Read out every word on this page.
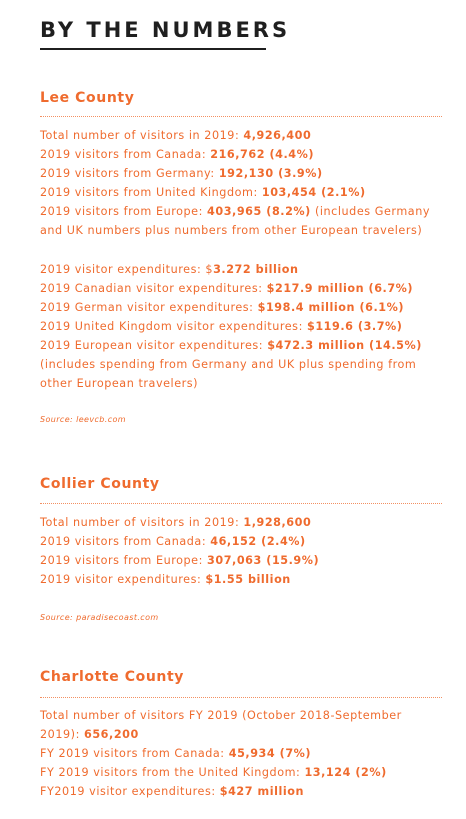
BY THE NUMBERS
Lee County
Total number of visitors in 2019: 4,926,400
2019 visitors from Canada: 216,762 (4.4%)
2019 visitors from Germany: 192,130 (3.9%)
2019 visitors from United Kingdom: 103,454 (2.1%)
2019 visitors from Europe: 403,965 (8.2%) (includes Germany
and UK numbers plus numbers from other European travelers)
2019 visitor expenditures: $3.272 billion
2019 Canadian visitor expenditures: $217.9 million (6.7%)
2019 German visitor expenditures: $198.4 million (6.1%)
2019 United Kingdom visitor expenditures: $119.6 (3.7%)
2019 European visitor expenditures: $472.3 million (14.5%)
(includes spending from Germany and UK plus spending from
other European travelers)
Source: leevcb.com
Collier County
Total number of visitors in 2019: 1,928,600
2019 visitors from Canada: 46,152 (2.4%)
2019 visitors from Europe: 307,063 (15.9%)
2019 visitor expenditures: $1.55 billion
Source: paradisecoast.com
Charlotte County
Total number of visitors FY 2019 (October 2018-September
2019): 656,200
FY 2019 visitors from Canada: 45,934 (7%)
FY 2019 visitors from the United Kingdom: 13,124 (2%)
FY2019 visitor expenditures: $427 million
